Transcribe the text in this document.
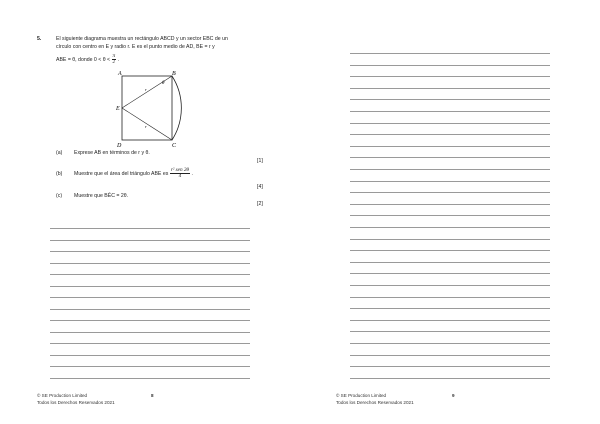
5.	El siguiente diagrama muestra un rectángulo ABCD y un sector EBC de un
círculo con centro en E y radio r. E es el punto medio de AD, BE = r y
ABE = θ, donde $0 < \theta < \frac{\pi}{2}$ .
A	B
C
D
E
θ
r
r
(a) Exprese AB en términos de r y θ.
[1]
(b) Muestre que el área del triángulo ABE es $\frac{\text{r² sen 2θ}}{4}$ .
[4]
(c) Muestre que BÊC = 2θ.
[2]
© SE Production Limited
Todos los Derechos Reservados 2021
8	© SE Production Limited
Todos los Derechos Reservados 2021
9
